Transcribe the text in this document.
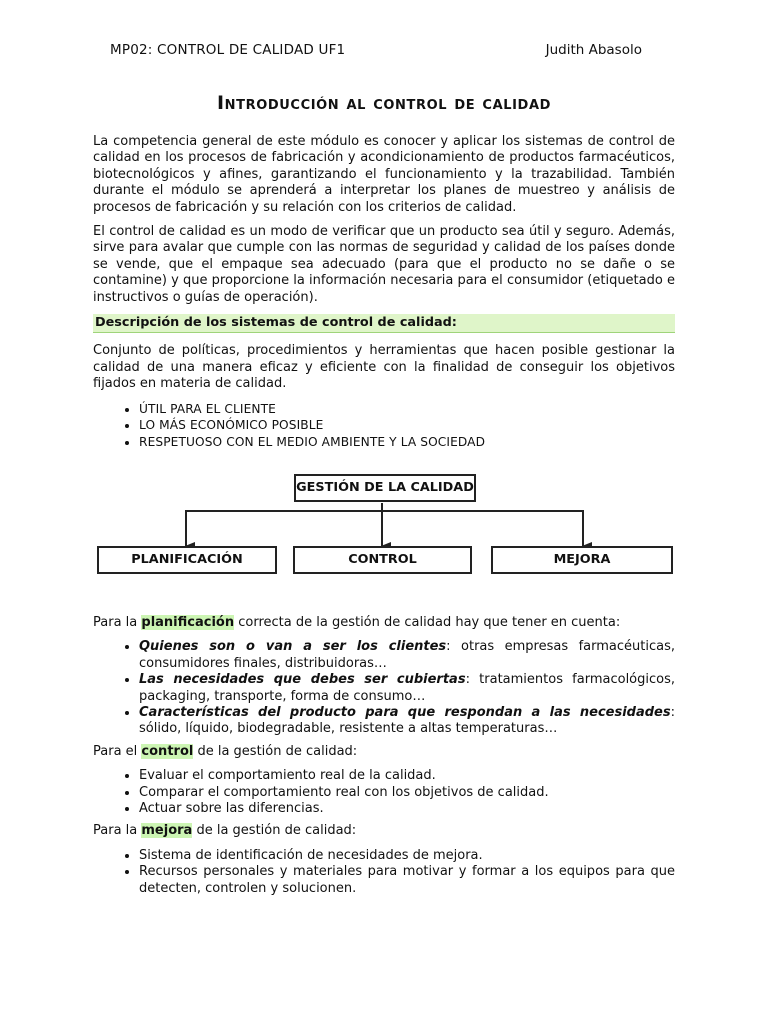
MP02: CONTROL DE CALIDAD UF1	Judith Abasolo
Introducción al control de calidad

La competencia general de este módulo es conocer y aplicar los sistemas de control de calidad en los procesos de fabricación y acondicionamiento de productos farmacéuticos, biotecnológicos y afines, garantizando el funcionamiento y la trazabilidad. También durante el módulo se aprenderá a interpretar los planes de muestreo y análisis de procesos de fabricación y su relación con los criterios de calidad.

El control de calidad es un modo de verificar que un producto sea útil y seguro. Además, sirve para avalar que cumple con las normas de seguridad y calidad de los países donde se vende, que el empaque sea adecuado (para que el producto no se dañe o se contamine) y que proporcione la información necesaria para el consumidor (etiquetado e instructivos o guías de operación).

Descripción de los sistemas de control de calidad:

Conjunto de políticas, procedimientos y herramientas que hacen posible gestionar la calidad de una manera eficaz y eficiente con la finalidad de conseguir los objetivos fijados en materia de calidad.

• ÚTIL PARA EL CLIENTE
• LO MÁS ECONÓMICO POSIBLE
• RESPETUOSO CON EL MEDIO AMBIENTE Y LA SOCIEDAD
GESTIÓN DE LA CALIDAD
PLANIFICACIÓN	CONTROL	MEJORA

Para la planificación correcta de la gestión de calidad hay que tener en cuenta:

• Quienes son o van a ser los clientes: otras empresas farmacéuticas, consumidores finales, distribuidoras…
• Las necesidades que debes ser cubiertas: tratamientos farmacológicos, packaging, transporte, forma de consumo…
• Características del producto para que respondan a las necesidades: sólido, líquido, biodegradable, resistente a altas temperaturas…

Para el control de la gestión de calidad:

• Evaluar el comportamiento real de la calidad.
• Comparar el comportamiento real con los objetivos de calidad.
• Actuar sobre las diferencias.

Para la mejora de la gestión de calidad:

• Sistema de identificación de necesidades de mejora.
• Recursos personales y materiales para motivar y formar a los equipos para que detecten, controlen y solucionen.
